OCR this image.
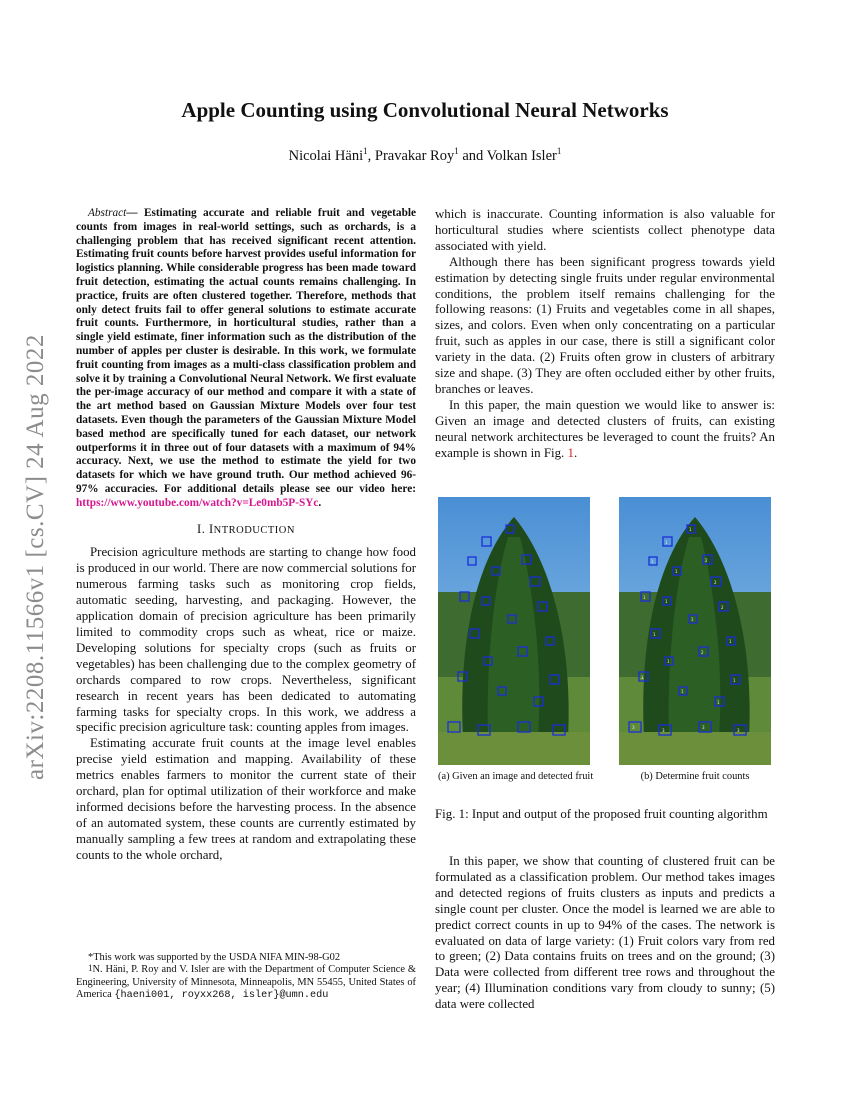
arXiv:2208.11566v1 [cs.CV] 24 Aug 2022
Apple Counting using Convolutional Neural Networks
Nicolai Häni$^1$, Pravakar Roy$^1$ and Volkan Isler$^1$

Abstract— Estimating accurate and reliable fruit and vegetable counts from images in real-world settings, such as orchards, is a challenging problem that has received significant recent attention. Estimating fruit counts before harvest provides useful information for logistics planning. While considerable progress has been made toward fruit detection, estimating the actual counts remains challenging. In practice, fruits are often clustered together. Therefore, methods that only detect fruits fail to offer general solutions to estimate accurate fruit counts. Furthermore, in horticultural studies, rather than a single yield estimate, finer information such as the distribution of the number of apples per cluster is desirable. In this work, we formulate fruit counting from images as a multi-class classification problem and solve it by training a Convolutional Neural Network. We first evaluate the per-image accuracy of our method and compare it with a state of the art method based on Gaussian Mixture Models over four test datasets. Even though the parameters of the Gaussian Mixture Model based method are specifically tuned for each dataset, our network outperforms it in three out of four datasets with a maximum of 94% accuracy. Next, we use the method to estimate the yield for two datasets for which we have ground truth. Our method achieved 96-97% accuracies. For additional details please see our video here: https://www.youtube.com/watch?v=Le0mb5P-SYc.

I. INTRODUCTION

Precision agriculture methods are starting to change how food is produced in our world. There are now commercial solutions for numerous farming tasks such as monitoring crop fields, automatic seeding, harvesting, and packaging. However, the application domain of precision agriculture has been primarily limited to commodity crops such as wheat, rice or maize. Developing solutions for specialty crops (such as fruits or vegetables) has been challenging due to the complex geometry of orchards compared to row crops. Nevertheless, significant research in recent years has been dedicated to automating farming tasks for specialty crops. In this work, we address a specific precision agriculture task: counting apples from images.

Estimating accurate fruit counts at the image level enables precise yield estimation and mapping. Availability of these metrics enables farmers to monitor the current state of their orchard, plan for optimal utilization of their workforce and make informed decisions before the harvesting process. In the absence of an automated system, these counts are currently estimated by manually sampling a few trees at random and extrapolating these counts to the whole orchard,

*This work was supported by the USDA NIFA MIN-98-G02

$^1$N. Häni, P. Roy and V. Isler are with the Department of Computer Science & Engineering, University of Minnesota, Minneapolis, MN 55455, United States of America {haeni001, royxx268, isler}@umn.edu

which is inaccurate. Counting information is also valuable for horticultural studies where scientists collect phenotype data associated with yield.

Although there has been significant progress towards yield estimation by detecting single fruits under regular environmental conditions, the problem itself remains challenging for the following reasons: (1) Fruits and vegetables come in all shapes, sizes, and colors. Even when only concentrating on a particular fruit, such as apples in our case, there is still a significant color variety in the data. (2) Fruits often grow in clusters of arbitrary size and shape. (3) They are often occluded either by other fruits, branches or leaves.

In this paper, the main question we would like to answer is: Given an image and detected clusters of fruits, can existing neural network architectures be leveraged to count the fruits? An example is shown in Fig. 1.

1
1
1	2
1
2
1
1
2
1
1
1
2
1
1
1
1
1
3
3
3
3
(a) Given an image and detected fruit	(b) Determine fruit counts
Fig. 1: Input and output of the proposed fruit counting algorithm

In this paper, we show that counting of clustered fruit can be formulated as a classification problem. Our method takes images and detected regions of fruits clusters as inputs and predicts a single count per cluster. Once the model is learned we are able to predict correct counts in up to 94% of the cases. The network is evaluated on data of large variety: (1) Fruit colors vary from red to green; (2) Data contains fruits on trees and on the ground; (3) Data were collected from different tree rows and throughout the year; (4) Illumination conditions vary from cloudy to sunny; (5) data were collected
